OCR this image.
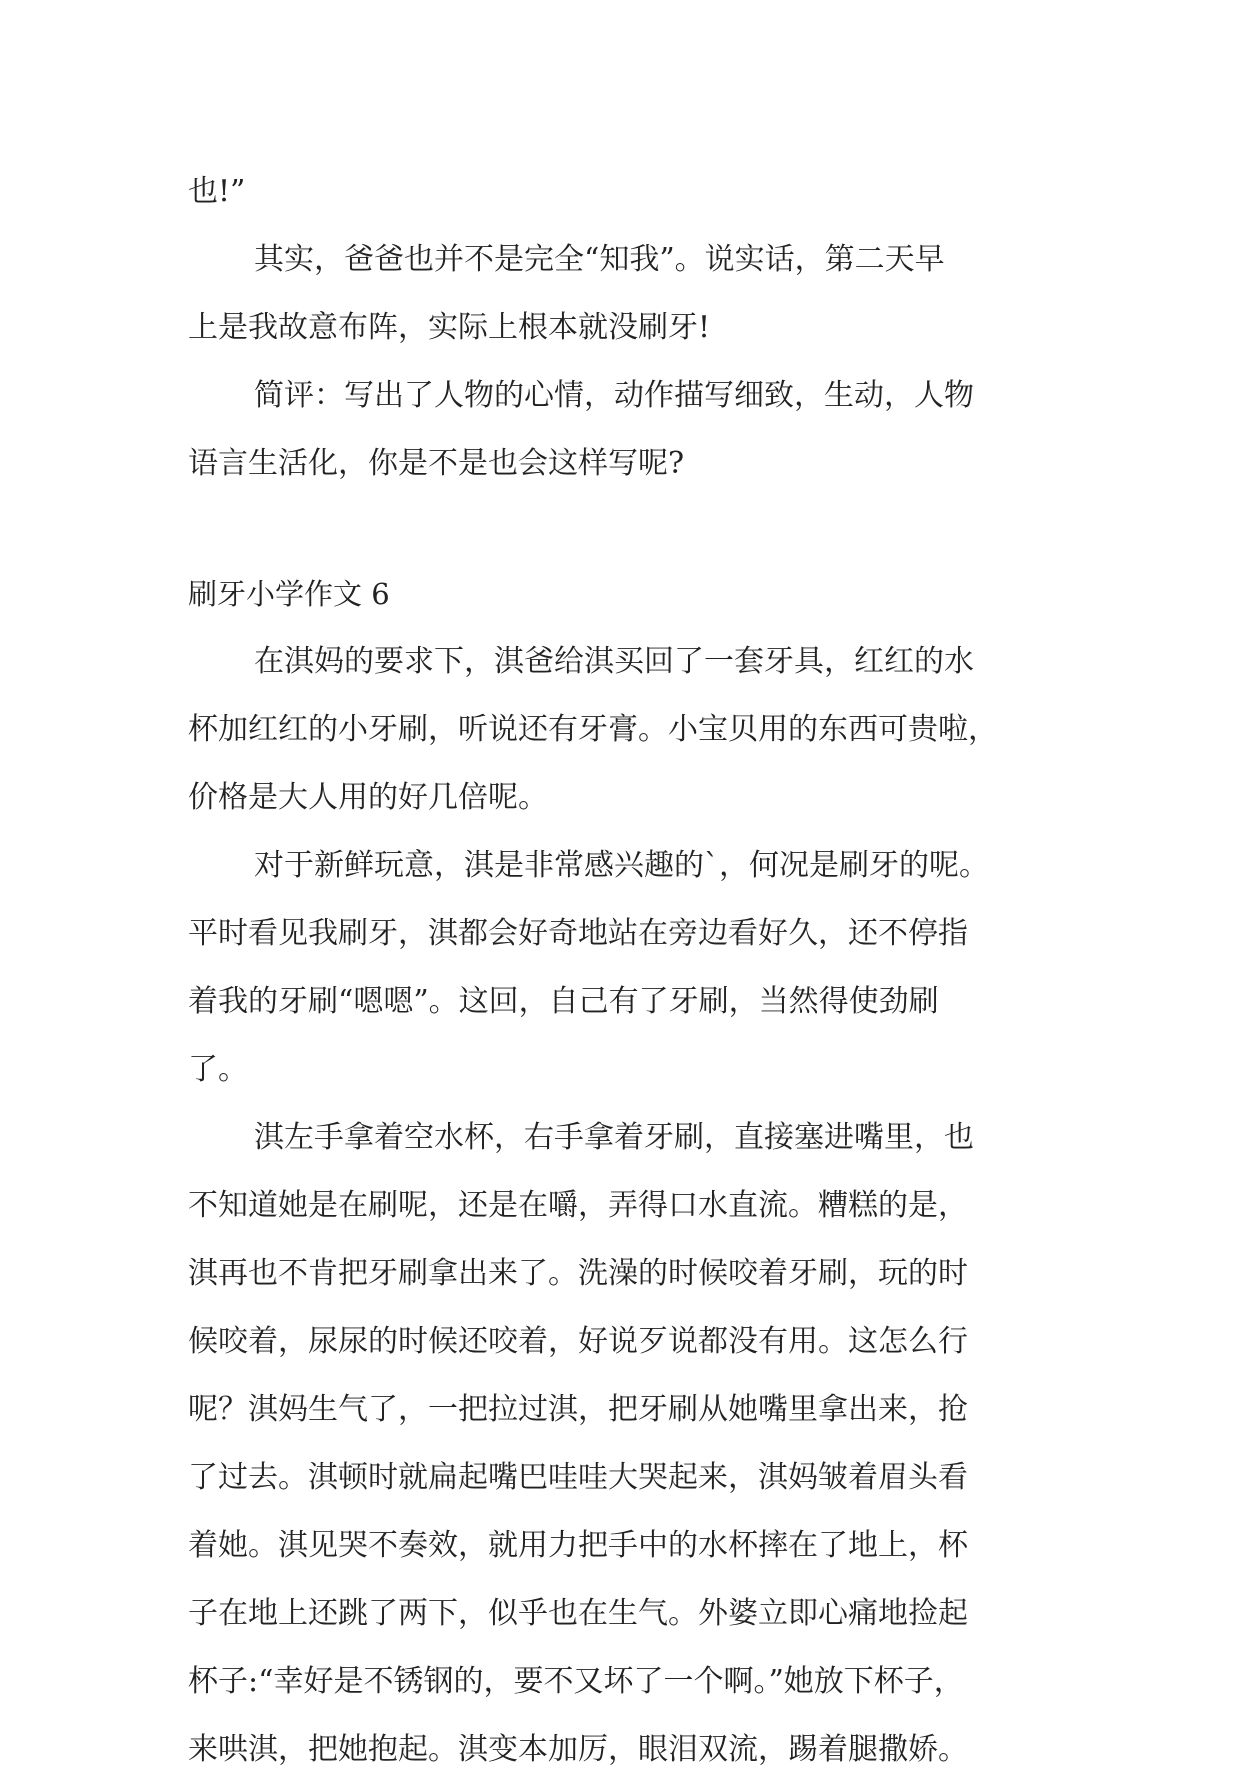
也!”
其实，爸爸也并不是完全“知我”。说实话，第二天早
上是我故意布阵，实际上根本就没刷牙!
简评：写出了人物的心情，动作描写细致，生动，人物
语言生活化，你是不是也会这样写呢?
刷牙小学作文 6
在淇妈的要求下，淇爸给淇买回了一套牙具，红红的水
杯加红红的小牙刷，听说还有牙膏。小宝贝用的东西可贵啦，
价格是大人用的好几倍呢。
对于新鲜玩意，淇是非常感兴趣的`，何况是刷牙的呢。
平时看见我刷牙，淇都会好奇地站在旁边看好久，还不停指
着我的牙刷“嗯嗯”。这回，自己有了牙刷，当然得使劲刷
了。
淇左手拿着空水杯，右手拿着牙刷，直接塞进嘴里，也
不知道她是在刷呢，还是在嚼，弄得口水直流。糟糕的是，
淇再也不肯把牙刷拿出来了。洗澡的时候咬着牙刷，玩的时
候咬着，尿尿的时候还咬着，好说歹说都没有用。这怎么行
呢？淇妈生气了，一把拉过淇，把牙刷从她嘴里拿出来，抢
了过去。淇顿时就扁起嘴巴哇哇大哭起来，淇妈皱着眉头看
着她。淇见哭不奏效，就用力把手中的水杯摔在了地上，杯
子在地上还跳了两下，似乎也在生气。外婆立即心痛地捡起
杯子:“幸好是不锈钢的，要不又坏了一个啊。”她放下杯子，
来哄淇，把她抱起。淇变本加厉，眼泪双流，踢着腿撒娇。
